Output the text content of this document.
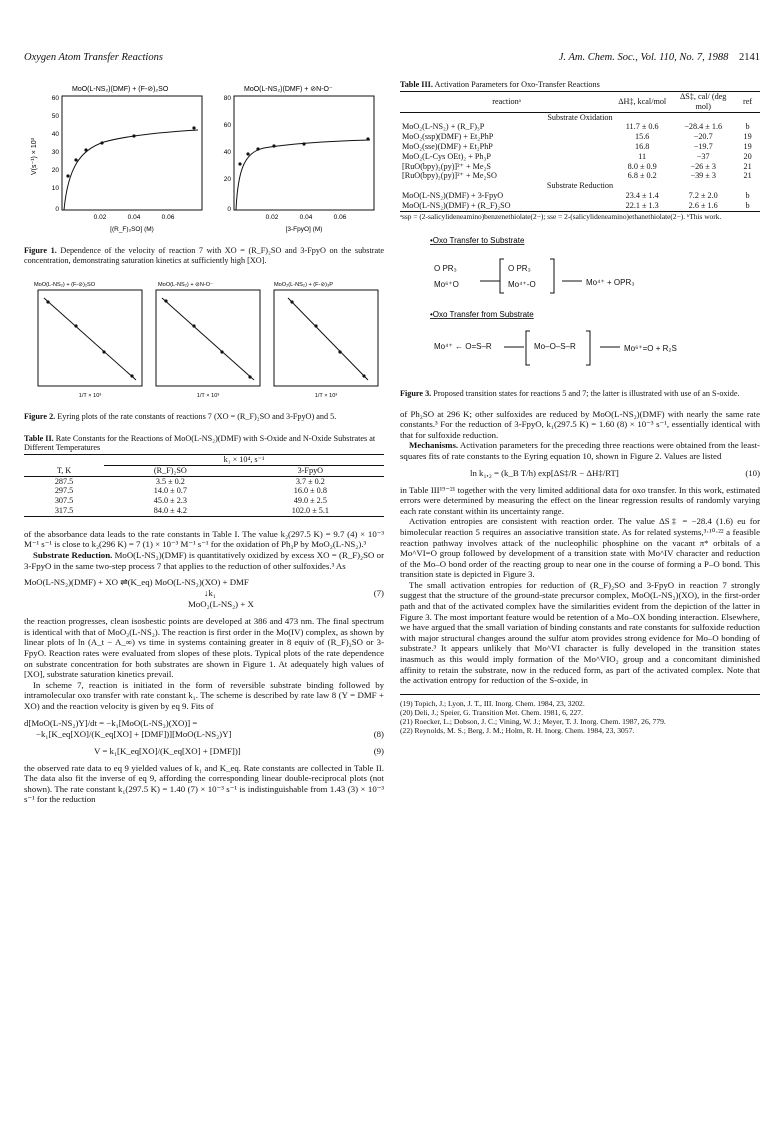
Oxygen Atom Transfer Reactions	J. Am. Chem. Soc., Vol. 110, No. 7, 1988 2141
MoO(L-NS₂)(DMF) + (F-⊘)₂SO	MoO(L-NS₂)(DMF) + ⊘N-O⁻
60
50
40
30
20
10
0
V(s⁻¹) × 10³
0.02	0.04	0.06
[(R_F)₂SO] (M)
80
60
40
20
0
0.02	0.04	0.06
[3-FpyO] (M)
Figure 1. Dependence of the velocity of reaction 7 with XO = (R_F)₂SO and 3-FpyO on the substrate concentration, demonstrating saturation kinetics at sufficiently high [XO].
MoO(L-NS₂) + (F-⊘)₂SO	MoO(L-NS₂) + ⊘N-O⁻	MoO₂(L-NS₂) + (F-⊘)₃P
1/T × 10³	1/T × 10³	1/T × 10³
Figure 2. Eyring plots of the rate constants of reactions 7 (XO = (R_F)₂SO and 3-FpyO) and 5.
Table II. Rate Constants for the Reactions of MoO(L-NS₂)(DMF) with S-Oxide and N-Oxide Substrates at Different Temperatures
	k₁ × 10⁴, s⁻¹	
T, K	(R_F)₂SO	3-FpyO
287.5	3.5 ± 0.2	3.7 ± 0.2
297.5	14.0 ± 0.7	16.0 ± 0.8
307.5	45.0 ± 2.3	49.0 ± 2.5
317.5	84.0 ± 4.2	102.0 ± 5.1

of the absorbance data leads to the rate constants in Table I. The value k₂(297.5 K) = 9.7 (4) × 10⁻³ M⁻¹ s⁻¹ is close to k₂(296 K) = 7 (1) × 10⁻³ M⁻¹ s⁻¹ for the oxidation of Ph₃P by MoO₂(L-NS₂).³

Substrate Reduction. MoO(L-NS₂)(DMF) is quantitatively oxidized by excess XO = (R_F)₂SO or 3-FpyO in the same two-step process 7 that applies to the reduction of other sulfoxides.³ As

MoO(L-NS₂)(DMF) + XO ⇌(K_eq) MoO(L-NS₂)(XO) + DMF
↓k₁
MoO₂(L-NS₂) + X
(7)

the reaction progresses, clean isosbestic points are developed at 386 and 473 nm. The final spectrum is identical with that of MoO₂(L-NS₂). The reaction is first order in the Mo(IV) complex, as shown by linear plots of ln (A_t − A_∞) vs time in systems containing greater in 8 equiv of (R_F)₂SO or 3-FpyO. Reaction rates were evaluated from slopes of these plots. Typical plots of the rate dependence on substrate concentration for both substrates are shown in Figure 1. At adequately high values of [XO], substrate saturation kinetics prevail.

In scheme 7, reaction is initiated in the form of reversible substrate binding followed by intramolecular oxo transfer with rate constant k₁. The scheme is described by rate law 8 (Y = DMF + XO) and the reaction velocity is given by eq 9. Fits of

d[MoO(L-NS₂)Y]/dt = −k₁[MoO(L-NS₂)(XO)] =
−k₁[K_eq[XO]/(K_eq[XO] + [DMF])][MoO(L-NS₂)Y]	(8)
V = k₁[K_eq[XO]/(K_eq[XO] + [DMF])]	(9)

the observed rate data to eq 9 yielded values of k₁ and K_eq. Rate constants are collected in Table II. The data also fit the inverse of eq 9, affording the corresponding linear double-reciprocal plots (not shown). The rate constant k₁(297.5 K) = 1.40 (7) × 10⁻³ s⁻¹ is indistinguishable from 1.43 (3) × 10⁻³ s⁻¹ for the reduction

Table III. Activation Parameters for Oxo-Transfer Reactions
reactionᵃ	ΔH‡, kcal/mol	ΔS‡, cal/ (deg mol)	ref
Substrate Oxidation			
MoO₂(L-NS₂) + (R_F)₃P	11.7 ± 0.6	−28.4 ± 1.6	b
MoO₂(ssp)(DMF) + Et₂PhP	15.6	−20.7	19
MoO₂(sse)(DMF) + Et₂PhP	16.8	−19.7	19
MoO₂(L-Cys OEt)₂ + Ph₃P	11	−37	20
[RuO(bpy)₂(py)]²⁺ + Me₂S	8.0 ± 0.9	−26 ± 3	21
[RuO(bpy)₂(py)]²⁺ + Me₂SO	6.8 ± 0.2	−39 ± 3	21
Substrate Reduction			
MoO(L-NS₂)(DMF) + 3-FpyO	23.4 ± 1.4	7.2 ± 2.0	b
MoO(L-NS₂)(DMF) + (R_F)₂SO	22.1 ± 1.3	2.6 ± 1.6	b
ᵃssp = (2-salicylideneamino)benzenethiolate(2−); sse = 2-(salicylideneamino)ethanethiolate(2−). ᵇThis work.
•Oxo Transfer to Substrate
O PR₃
Mo⁶⁺O
O PR₃
Mo⁴⁺-O	Mo⁴⁺ + OPR₃
•Oxo Transfer from Substrate
Mo⁴⁺ ← O=S–R	Mo–O–S–R	Mo⁶⁺=O + R₂S
Figure 3. Proposed transition states for reactions 5 and 7; the latter is illustrated with use of an S-oxide.

of Ph₂SO at 296 K; other sulfoxides are reduced by MoO(L-NS₂)(DMF) with nearly the same rate constants.³ For the reduction of 3-FpyO, k₁(297.5 K) = 1.60 (8) × 10⁻³ s⁻¹, essentially identical with that for sulfoxide reduction.

Mechanisms. Activation parameters for the preceding three reactions were obtained from the least-squares fits of rate constants to the Eyring equation 10, shown in Figure 2. Values are listed

ln k₁,₂ = (k_B T/h) exp[ΔS‡/R − ΔH‡/RT]	(10)

in Table III¹⁹⁻²¹ together with the very limited additional data for oxo transfer. In this work, estimated errors were determined by measuring the effect on the linear regression results of randomly varying each rate constant within its uncertainty range.

Activation entropies are consistent with reaction order. The value ΔS‡ = −28.4 (1.6) eu for bimolecular reaction 5 requires an associative transition state. As for related systems,³·¹⁰·²² a feasible reaction pathway involves attack of the nucleophilic phosphine on the vacant π* orbitals of a Mo^VI=O group followed by development of a transition state with Mo^IV character and reduction of the Mo–O bond order of the reacting group to near one in the course of forming a P–O bond. This transition state is depicted in Figure 3.

The small activation entropies for reduction of (R_F)₂SO and 3-FpyO in reaction 7 strongly suggest that the structure of the ground-state precursor complex, MoO(L-NS₂)(XO), in the first-order path and that of the activated complex have the similarities evident from the depiction of the latter in Figure 3. The most important feature would be retention of a Mo–OX bonding interaction. Elsewhere, we have argued that the small variation of binding constants and rate constants for sulfoxide reduction with major structural changes around the sulfur atom provides strong evidence for Mo–O bonding of substrate.³ It appears unlikely that Mo^VI character is fully developed in the transition states inasmuch as this would imply formation of the Mo^VIO₂ group and a concomitant diminished affinity to retain the substrate, now in the reduced form, as part of the activated complex. Note that the activation entropy for reduction of the S-oxide, in

(19) Topich, J.; Lyon, J. T., III. Inorg. Chem. 1984, 23, 3202.
(20) Deli, J.; Speier, G. Transition Met. Chem. 1981, 6, 227.
(21) Roecker, L.; Dobson, J. C.; Vining, W. J.; Meyer, T. J. Inorg. Chem. 1987, 26, 779.
(22) Reynolds, M. S.; Berg, J. M.; Holm, R. H. Inorg. Chem. 1984, 23, 3057.
